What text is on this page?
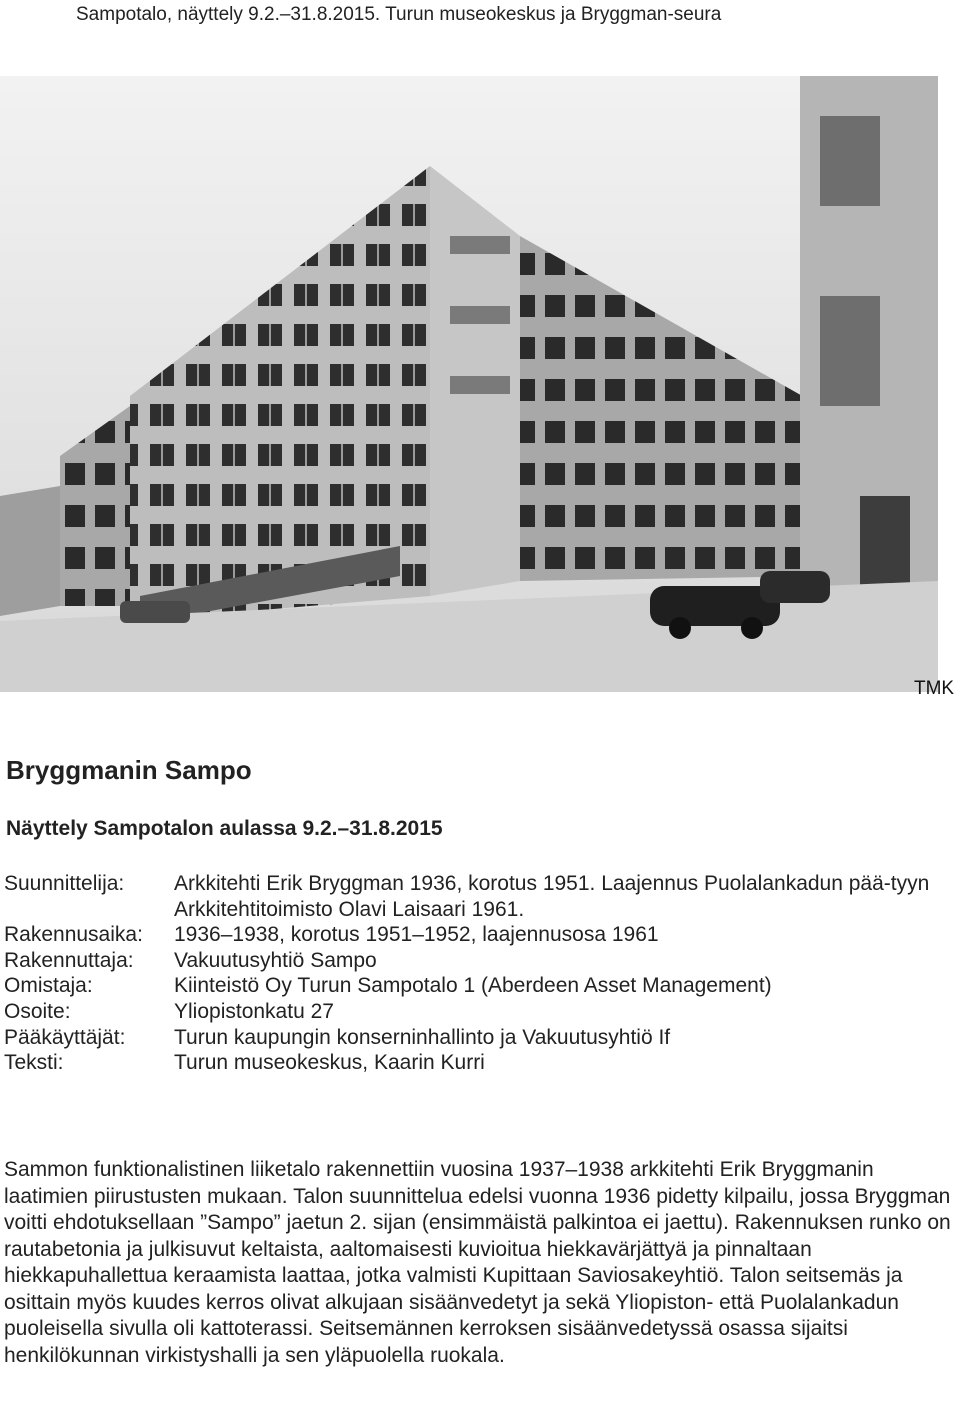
Sampotalo, näyttely 9.2.–31.8.2015. Turun museokeskus ja Bryggman-seura
TMK
Bryggmanin Sampo
Näyttely Sampotalon aulassa 9.2.–31.8.2015
Suunnittelija:	Arkkitehti Erik Bryggman 1936, korotus 1951. Laajennus Puolalankadun pää-tyyn Arkkitehtitoimisto Olavi Laisaari 1961.
Rakennusaika:	1936–1938, korotus 1951–1952, laajennusosa 1961
Rakennuttaja:	Vakuutusyhtiö Sampo
Omistaja:	Kiinteistö Oy Turun Sampotalo 1 (Aberdeen Asset Management)
Osoite:	Yliopistonkatu 27
Pääkäyttäjät:	Turun kaupungin konserninhallinto ja Vakuutusyhtiö If
Teksti:	Turun museokeskus, Kaarin Kurri

Sammon funktionalistinen liiketalo rakennettiin vuosina 1937–1938 arkkitehti Erik Bryggmanin laatimien piirustusten mukaan. Talon suunnittelua edelsi vuonna 1936 pidetty kilpailu, jossa Bryggman voitti ehdotuksellaan ”Sampo” jaetun 2. sijan (ensimmäistä palkintoa ei jaettu). Rakennuksen runko on rautabetonia ja julkisuvut keltaista, aaltomaisesti kuvioitua hiekkavärjättyä ja pinnaltaan hiekkapuhallettua keraamista laattaa, jotka valmisti Kupittaan Saviosakeyhtiö. Talon seitsemäs ja osittain myös kuudes kerros olivat alkujaan sisäänvedetyt ja sekä Yliopiston- että Puolalankadun puoleisella sivulla oli kattoterassi. Seitsemännen kerroksen sisäänvedetyssä osassa sijaitsi henkilökunnan virkistyshalli ja sen yläpuolella ruokala.
